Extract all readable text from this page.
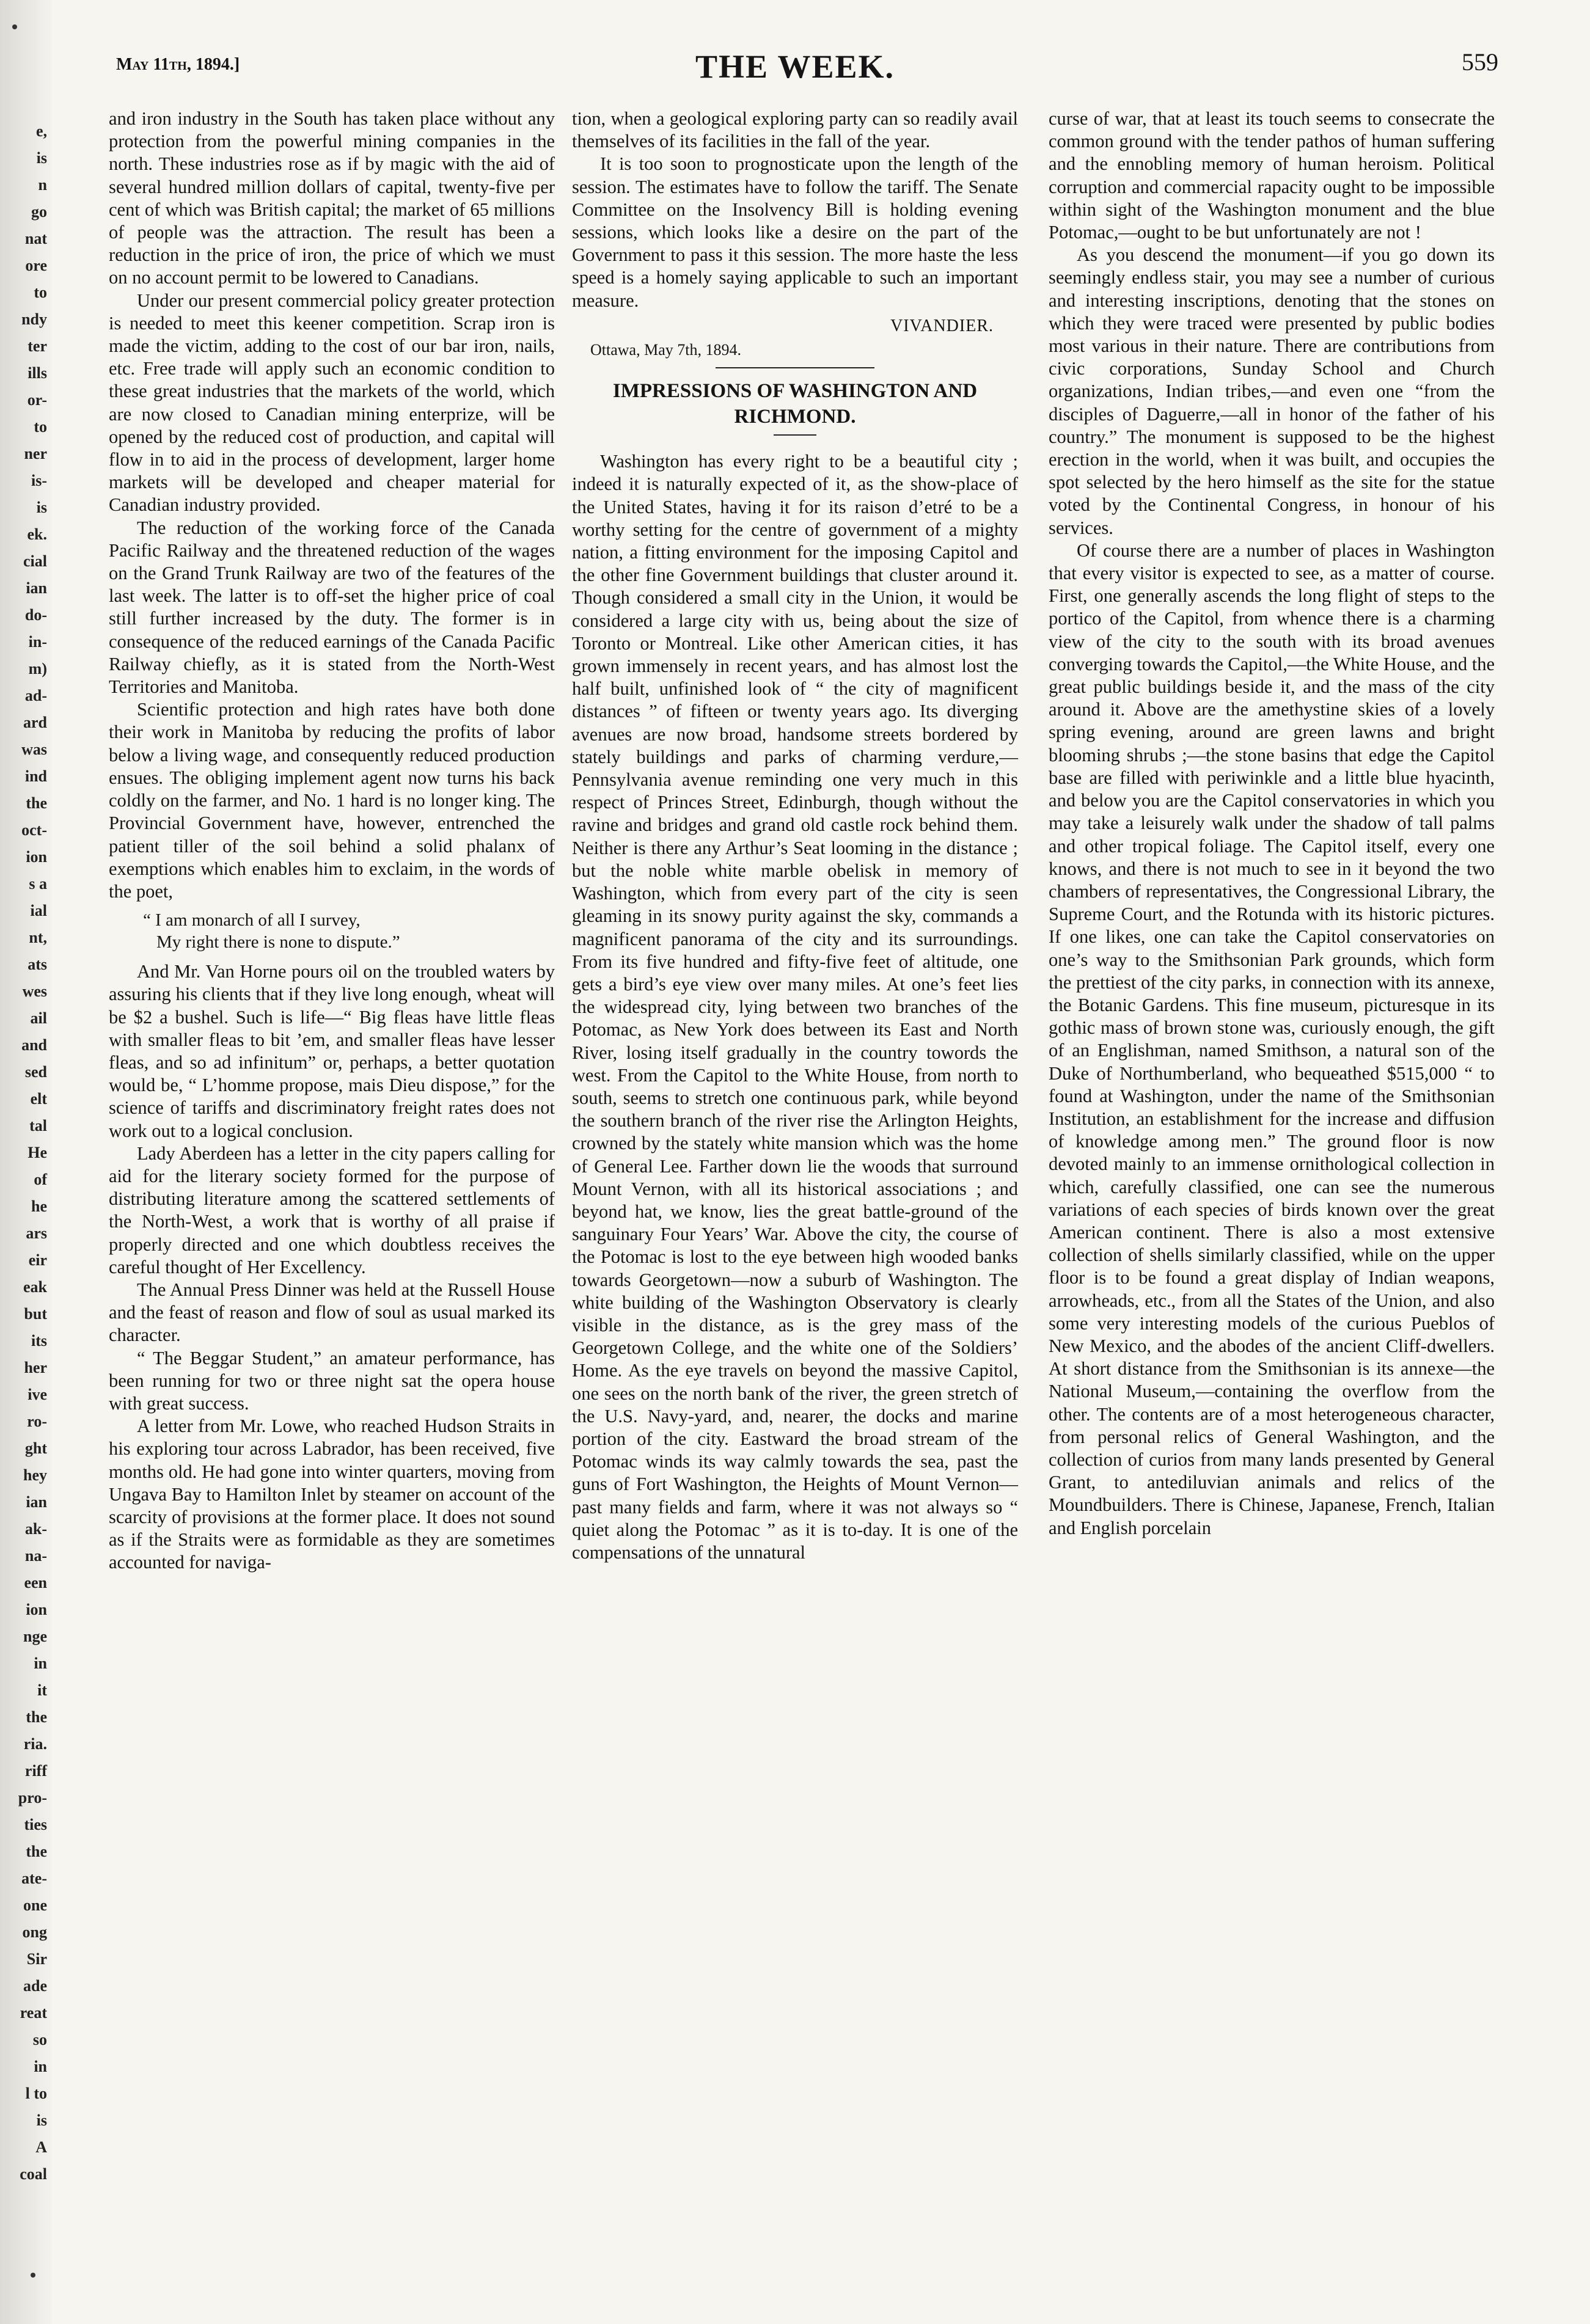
e,
is
n
go
nat
ore
to
ndy
ter
ills
or-
to
ner
is-
is
ek.
cial
ian
do-
in-
m)
ad-
ard
was
ind
the
oct-
ion
s a
ial
nt,
ats
wes
ail
and
sed
elt
tal
He
of
he
ars
eir
eak
but
its
her
ive
ro-
ght
hey
ian
ak-
na-
een
ion
nge
in
it
the
ria.
riff
pro-
ties
the
ate-
one
ong
Sir
ade
reat
so
in
l to
is
A
coal
May 11th, 1894.]	THE WEEK.	559

and iron industry in the South has taken place without any protection from the powerful mining companies in the north. These industries rose as if by magic with the aid of several hundred million dollars of capital, twenty-five per cent of which was British capital; the market of 65 millions of people was the attraction. The result has been a reduction in the price of iron, the price of which we must on no account permit to be lowered to Canadians.

Under our present commercial policy greater protection is needed to meet this keener competition. Scrap iron is made the victim, adding to the cost of our bar iron, nails, etc. Free trade will apply such an economic condition to these great industries that the markets of the world, which are now closed to Canadian mining enterprize, will be opened by the reduced cost of production, and capital will flow in to aid in the process of development, larger home markets will be developed and cheaper material for Canadian industry provided.

The reduction of the working force of the Canada Pacific Railway and the threatened reduction of the wages on the Grand Trunk Railway are two of the features of the last week. The latter is to off-set the higher price of coal still further increased by the duty. The former is in consequence of the reduced earnings of the Canada Pacific Railway chiefly, as it is stated from the North-West Territories and Manitoba.

Scientific protection and high rates have both done their work in Manitoba by reducing the profits of labor below a living wage, and consequently reduced production ensues. The obliging implement agent now turns his back coldly on the farmer, and No. 1 hard is no longer king. The Provincial Government have, however, entrenched the patient tiller of the soil behind a solid phalanx of exemptions which enables him to exclaim, in the words of the poet,

“ I am monarch of all I survey,
My right there is none to dispute.”

And Mr. Van Horne pours oil on the troubled waters by assuring his clients that if they live long enough, wheat will be $2 a bushel. Such is life—“ Big fleas have little fleas with smaller fleas to bit ’em, and smaller fleas have lesser fleas, and so ad infinitum” or, perhaps, a better quotation would be, “ L’homme propose, mais Dieu dispose,” for the science of tariffs and discriminatory freight rates does not work out to a logical conclusion.

Lady Aberdeen has a letter in the city papers calling for aid for the literary society formed for the purpose of distributing literature among the scattered settlements of the North-West, a work that is worthy of all praise if properly directed and one which doubtless receives the careful thought of Her Excellency.

The Annual Press Dinner was held at the Russell House and the feast of reason and flow of soul as usual marked its character.

“ The Beggar Student,” an amateur performance, has been running for two or three night sat the opera house with great success.

A letter from Mr. Lowe, who reached Hudson Straits in his exploring tour across Labrador, has been received, five months old. He had gone into winter quarters, moving from Ungava Bay to Hamilton Inlet by steamer on account of the scarcity of provisions at the former place. It does not sound as if the Straits were as formidable as they are sometimes accounted for naviga-

tion, when a geological exploring party can so readily avail themselves of its facilities in the fall of the year.

It is too soon to prognosticate upon the length of the session. The estimates have to follow the tariff. The Senate Committee on the Insolvency Bill is holding evening sessions, which looks like a desire on the part of the Government to pass it this session. The more haste the less speed is a homely saying applicable to such an important measure.

VIVANDIER.
Ottawa, May 7th, 1894.
IMPRESSIONS OF WASHINGTON AND RICHMOND.

Washington has every right to be a beautiful city ; indeed it is naturally expected of it, as the show-place of the United States, having it for its raison d’etré to be a worthy setting for the centre of government of a mighty nation, a fitting environment for the imposing Capitol and the other fine Government buildings that cluster around it. Though considered a small city in the Union, it would be considered a large city with us, being about the size of Toronto or Montreal. Like other American cities, it has grown immensely in recent years, and has almost lost the half built, unfinished look of “ the city of magnificent distances ” of fifteen or twenty years ago. Its diverging avenues are now broad, handsome streets bordered by stately buildings and parks of charming verdure,—Pennsylvania avenue reminding one very much in this respect of Princes Street, Edinburgh, though without the ravine and bridges and grand old castle rock behind them. Neither is there any Arthur’s Seat looming in the distance ; but the noble white marble obelisk in memory of Washington, which from every part of the city is seen gleaming in its snowy purity against the sky, commands a magnificent panorama of the city and its surroundings. From its five hundred and fifty-five feet of altitude, one gets a bird’s eye view over many miles. At one’s feet lies the widespread city, lying between two branches of the Potomac, as New York does between its East and North River, losing itself gradually in the country towords the west. From the Capitol to the White House, from north to south, seems to stretch one continuous park, while beyond the southern branch of the river rise the Arlington Heights, crowned by the stately white mansion which was the home of General Lee. Farther down lie the woods that surround Mount Vernon, with all its historical associations ; and beyond hat, we know, lies the great battle-ground of the sanguinary Four Years’ War. Above the city, the course of the Potomac is lost to the eye between high wooded banks towards Georgetown—now a suburb of Washington. The white building of the Washington Observatory is clearly visible in the distance, as is the grey mass of the Georgetown College, and the white one of the Soldiers’ Home. As the eye travels on beyond the massive Capitol, one sees on the north bank of the river, the green stretch of the U.S. Navy-yard, and, nearer, the docks and marine portion of the city. Eastward the broad stream of the Potomac winds its way calmly towards the sea, past the guns of Fort Washington, the Heights of Mount Vernon—past many fields and farm, where it was not always so “ quiet along the Potomac ” as it is to-day. It is one of the compensations of the unnatural

curse of war, that at least its touch seems to consecrate the common ground with the tender pathos of human suffering and the ennobling memory of human heroism. Political corruption and commercial rapacity ought to be impossible within sight of the Washington monument and the blue Potomac,—ought to be but unfortunately are not !

As you descend the monument—if you go down its seemingly endless stair, you may see a number of curious and interesting inscriptions, denoting that the stones on which they were traced were presented by public bodies most various in their nature. There are contributions from civic corporations, Sunday School and Church organizations, Indian tribes,—and even one “from the disciples of Daguerre,—all in honor of the father of his country.” The monument is supposed to be the highest erection in the world, when it was built, and occupies the spot selected by the hero himself as the site for the statue voted by the Continental Congress, in honour of his services.

Of course there are a number of places in Washington that every visitor is expected to see, as a matter of course. First, one generally ascends the long flight of steps to the portico of the Capitol, from whence there is a charming view of the city to the south with its broad avenues converging towards the Capitol,—the White House, and the great public buildings beside it, and the mass of the city around it. Above are the amethystine skies of a lovely spring evening, around are green lawns and bright blooming shrubs ;—the stone basins that edge the Capitol base are filled with periwinkle and a little blue hyacinth, and below you are the Capitol conservatories in which you may take a leisurely walk under the shadow of tall palms and other tropical foliage. The Capitol itself, every one knows, and there is not much to see in it beyond the two chambers of representatives, the Congressional Library, the Supreme Court, and the Rotunda with its historic pictures. If one likes, one can take the Capitol conservatories on one’s way to the Smithsonian Park grounds, which form the prettiest of the city parks, in connection with its annexe, the Botanic Gardens. This fine museum, picturesque in its gothic mass of brown stone was, curiously enough, the gift of an Englishman, named Smithson, a natural son of the Duke of Northumberland, who bequeathed $515,000 “ to found at Washington, under the name of the Smithsonian Institution, an establishment for the increase and diffusion of knowledge among men.” The ground floor is now devoted mainly to an immense ornithological collection in which, carefully classified, one can see the numerous variations of each species of birds known over the great American continent. There is also a most extensive collection of shells similarly classified, while on the upper floor is to be found a great display of Indian weapons, arrowheads, etc., from all the States of the Union, and also some very interesting models of the curious Pueblos of New Mexico, and the abodes of the ancient Cliff-dwellers. At short distance from the Smithsonian is its annexe—the National Museum,—containing the overflow from the other. The contents are of a most heterogeneous character, from personal relics of General Washington, and the collection of curios from many lands presented by General Grant, to antediluvian animals and relics of the Moundbuilders. There is Chinese, Japanese, French, Italian and English porcelain
